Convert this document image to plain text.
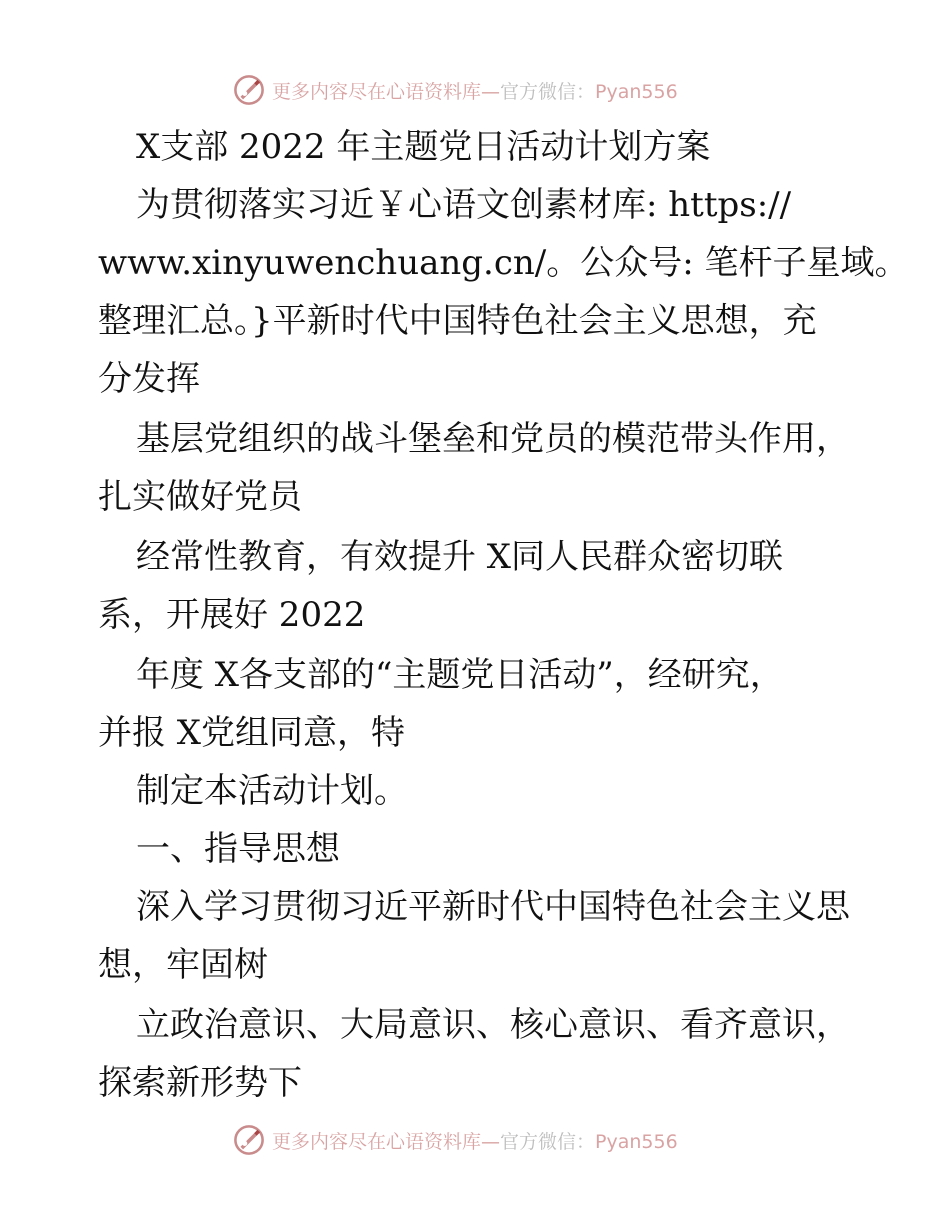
更多内容尽在心语资料库—官方微信：Pyan556
X支部 2022 年主题党日活动计划方案
为贯彻落实习近￥心语文创素材库: https://
www.xinyuwenchuang.cn/。公众号: 笔杆子星域。
整理汇总。}平新时代中国特色社会主义思想，充
分发挥
基层党组织的战斗堡垒和党员的模范带头作用，
扎实做好党员
经常性教育，有效提升 X同人民群众密切联
系，开展好 2022
年度 X各支部的“主题党日活动”，经研究，
并报 X党组同意，特
制定本活动计划。
一、指导思想
深入学习贯彻习近平新时代中国特色社会主义思
想，牢固树
立政治意识、大局意识、核心意识、看齐意识，
探索新形势下
更多内容尽在心语资料库—官方微信：Pyan556
